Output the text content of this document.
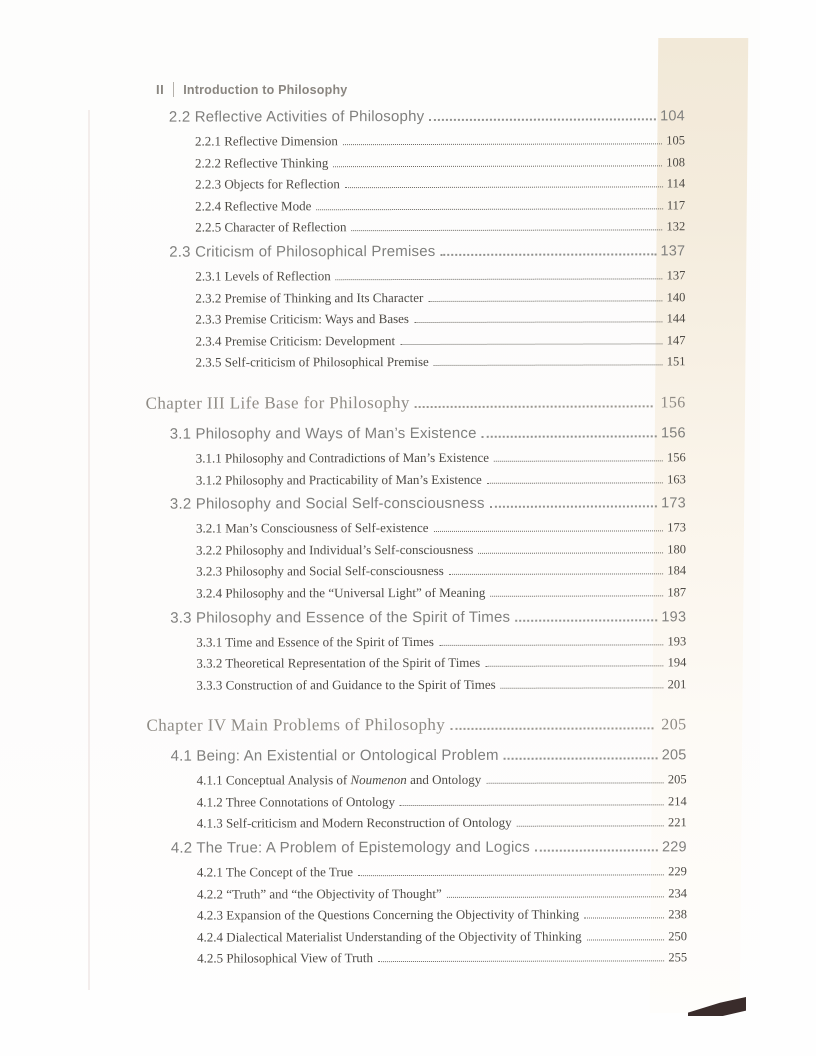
II Introduction to Philosophy
2.2 Reflective Activities of Philosophy	104
2.2.1 Reflective Dimension	105
2.2.2 Reflective Thinking	108
2.2.3 Objects for Reflection	114
2.2.4 Reflective Mode	117
2.2.5 Character of Reflection	132
2.3 Criticism of Philosophical Premises	137
2.3.1 Levels of Reflection	137
2.3.2 Premise of Thinking and Its Character	140
2.3.3 Premise Criticism: Ways and Bases	144
2.3.4 Premise Criticism: Development	147
2.3.5 Self-criticism of Philosophical Premise	151
Chapter III Life Base for Philosophy	156
3.1 Philosophy and Ways of Man’s Existence	156
3.1.1 Philosophy and Contradictions of Man’s Existence	156
3.1.2 Philosophy and Practicability of Man’s Existence	163
3.2 Philosophy and Social Self-consciousness	173
3.2.1 Man’s Consciousness of Self-existence	173
3.2.2 Philosophy and Individual’s Self-consciousness	180
3.2.3 Philosophy and Social Self-consciousness	184
3.2.4 Philosophy and the “Universal Light” of Meaning	187
3.3 Philosophy and Essence of the Spirit of Times	193
3.3.1 Time and Essence of the Spirit of Times	193
3.3.2 Theoretical Representation of the Spirit of Times	194
3.3.3 Construction of and Guidance to the Spirit of Times	201
Chapter IV Main Problems of Philosophy	205
4.1 Being: An Existential or Ontological Problem	205
4.1.1 Conceptual Analysis of Noumenon and Ontology	205
4.1.2 Three Connotations of Ontology	214
4.1.3 Self-criticism and Modern Reconstruction of Ontology	221
4.2 The True: A Problem of Epistemology and Logics	229
4.2.1 The Concept of the True	229
4.2.2 “Truth” and “the Objectivity of Thought”	234
4.2.3 Expansion of the Questions Concerning the Objectivity of Thinking	238
4.2.4 Dialectical Materialist Understanding of the Objectivity of Thinking	250
4.2.5 Philosophical View of Truth	255
